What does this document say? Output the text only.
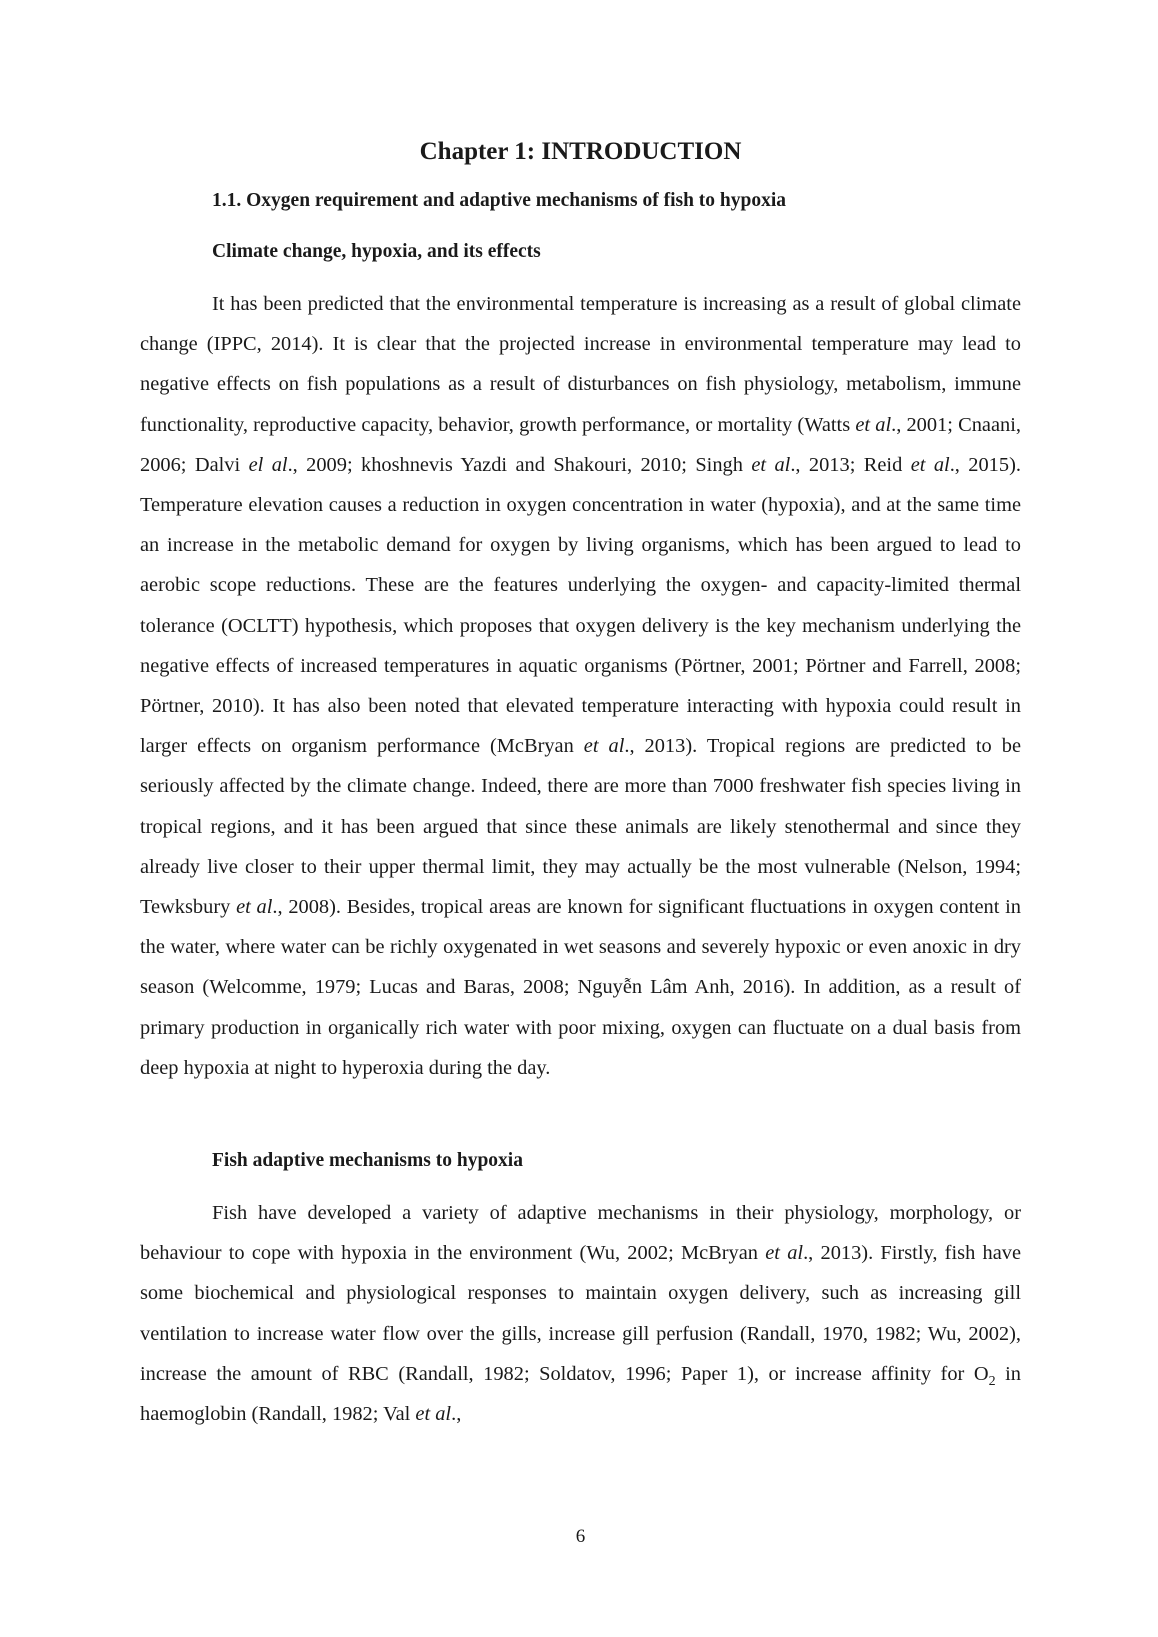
Chapter 1: INTRODUCTION
1.1. Oxygen requirement and adaptive mechanisms of fish to hypoxia
Climate change, hypoxia, and its effects

It has been predicted that the environmental temperature is increasing as a result of global climate change (IPPC, 2014). It is clear that the projected increase in environmental temperature may lead to negative effects on fish populations as a result of disturbances on fish physiology, metabolism, immune functionality, reproductive capacity, behavior, growth performance, or mortality (Watts et al., 2001; Cnaani, 2006; Dalvi el al., 2009; khoshnevis Yazdi and Shakouri, 2010; Singh et al., 2013; Reid et al., 2015). Temperature elevation causes a reduction in oxygen concentration in water (hypoxia), and at the same time an increase in the metabolic demand for oxygen by living organisms, which has been argued to lead to aerobic scope reductions. These are the features underlying the oxygen- and capacity-limited thermal tolerance (OCLTT) hypothesis, which proposes that oxygen delivery is the key mechanism underlying the negative effects of increased temperatures in aquatic organisms (Pörtner, 2001; Pörtner and Farrell, 2008; Pörtner, 2010). It has also been noted that elevated temperature interacting with hypoxia could result in larger effects on organism performance (McBryan et al., 2013). Tropical regions are predicted to be seriously affected by the climate change. Indeed, there are more than 7000 freshwater fish species living in tropical regions, and it has been argued that since these animals are likely stenothermal and since they already live closer to their upper thermal limit, they may actually be the most vulnerable (Nelson, 1994; Tewksbury et al., 2008). Besides, tropical areas are known for significant fluctuations in oxygen content in the water, where water can be richly oxygenated in wet seasons and severely hypoxic or even anoxic in dry season (Welcomme, 1979; Lucas and Baras, 2008; Nguyễn Lâm Anh, 2016). In addition, as a result of primary production in organically rich water with poor mixing, oxygen can fluctuate on a dual basis from deep hypoxia at night to hyperoxia during the day.

Fish adaptive mechanisms to hypoxia

Fish have developed a variety of adaptive mechanisms in their physiology, morphology, or behaviour to cope with hypoxia in the environment (Wu, 2002; McBryan et al., 2013). Firstly, fish have some biochemical and physiological responses to maintain oxygen delivery, such as increasing gill ventilation to increase water flow over the gills, increase gill perfusion (Randall, 1970, 1982; Wu, 2002), increase the amount of RBC (Randall, 1982; Soldatov, 1996; Paper 1), or increase affinity for $O_2$ in haemoglobin (Randall, 1982; Val et al.,

6
